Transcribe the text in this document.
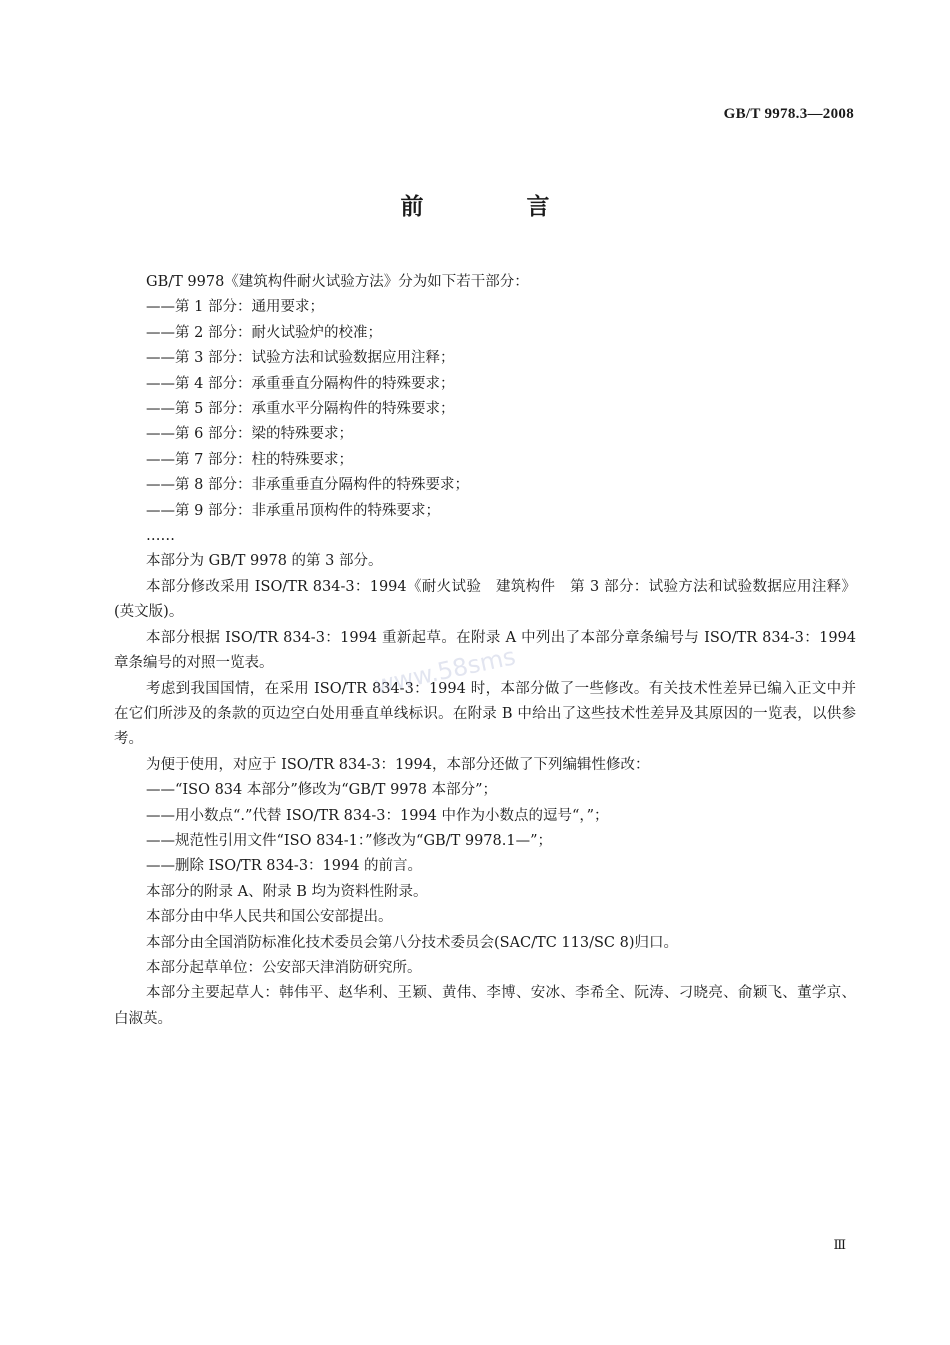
GB/T 9978.3—2008
前　言

GB/T 9978《建筑构件耐火试验方法》分为如下若干部分：

——第 1 部分：通用要求；

——第 2 部分：耐火试验炉的校准；

——第 3 部分：试验方法和试验数据应用注释；

——第 4 部分：承重垂直分隔构件的特殊要求；

——第 5 部分：承重水平分隔构件的特殊要求；

——第 6 部分：梁的特殊要求；

——第 7 部分：柱的特殊要求；

——第 8 部分：非承重垂直分隔构件的特殊要求；

——第 9 部分：非承重吊顶构件的特殊要求；

……

本部分为 GB/T 9978 的第 3 部分。

本部分修改采用 ISO/TR 834-3：1994《耐火试验　建筑构件　第 3 部分：试验方法和试验数据应用注释》(英文版)。

本部分根据 ISO/TR 834-3：1994 重新起草。在附录 A 中列出了本部分章条编号与 ISO/TR 834-3：1994 章条编号的对照一览表。

考虑到我国国情，在采用 ISO/TR 834-3：1994 时，本部分做了一些修改。有关技术性差异已编入正文中并在它们所涉及的条款的页边空白处用垂直单线标识。在附录 B 中给出了这些技术性差异及其原因的一览表，以供参考。

为便于使用，对应于 ISO/TR 834-3：1994，本部分还做了下列编辑性修改：

——“ISO 834 本部分”修改为“GB/T 9978 本部分”；

——用小数点“.”代替 ISO/TR 834-3：1994 中作为小数点的逗号“，”；

——规范性引用文件“ISO 834-1：”修改为“GB/T 9978.1—”；

——删除 ISO/TR 834-3：1994 的前言。

本部分的附录 A、附录 B 均为资料性附录。

本部分由中华人民共和国公安部提出。

本部分由全国消防标准化技术委员会第八分技术委员会(SAC/TC 113/SC 8)归口。

本部分起草单位：公安部天津消防研究所。

本部分主要起草人：韩伟平、赵华利、王颖、黄伟、李博、安冰、李希全、阮涛、刁晓亮、俞颖飞、董学京、白淑英。

www.58sms
Ⅲ
